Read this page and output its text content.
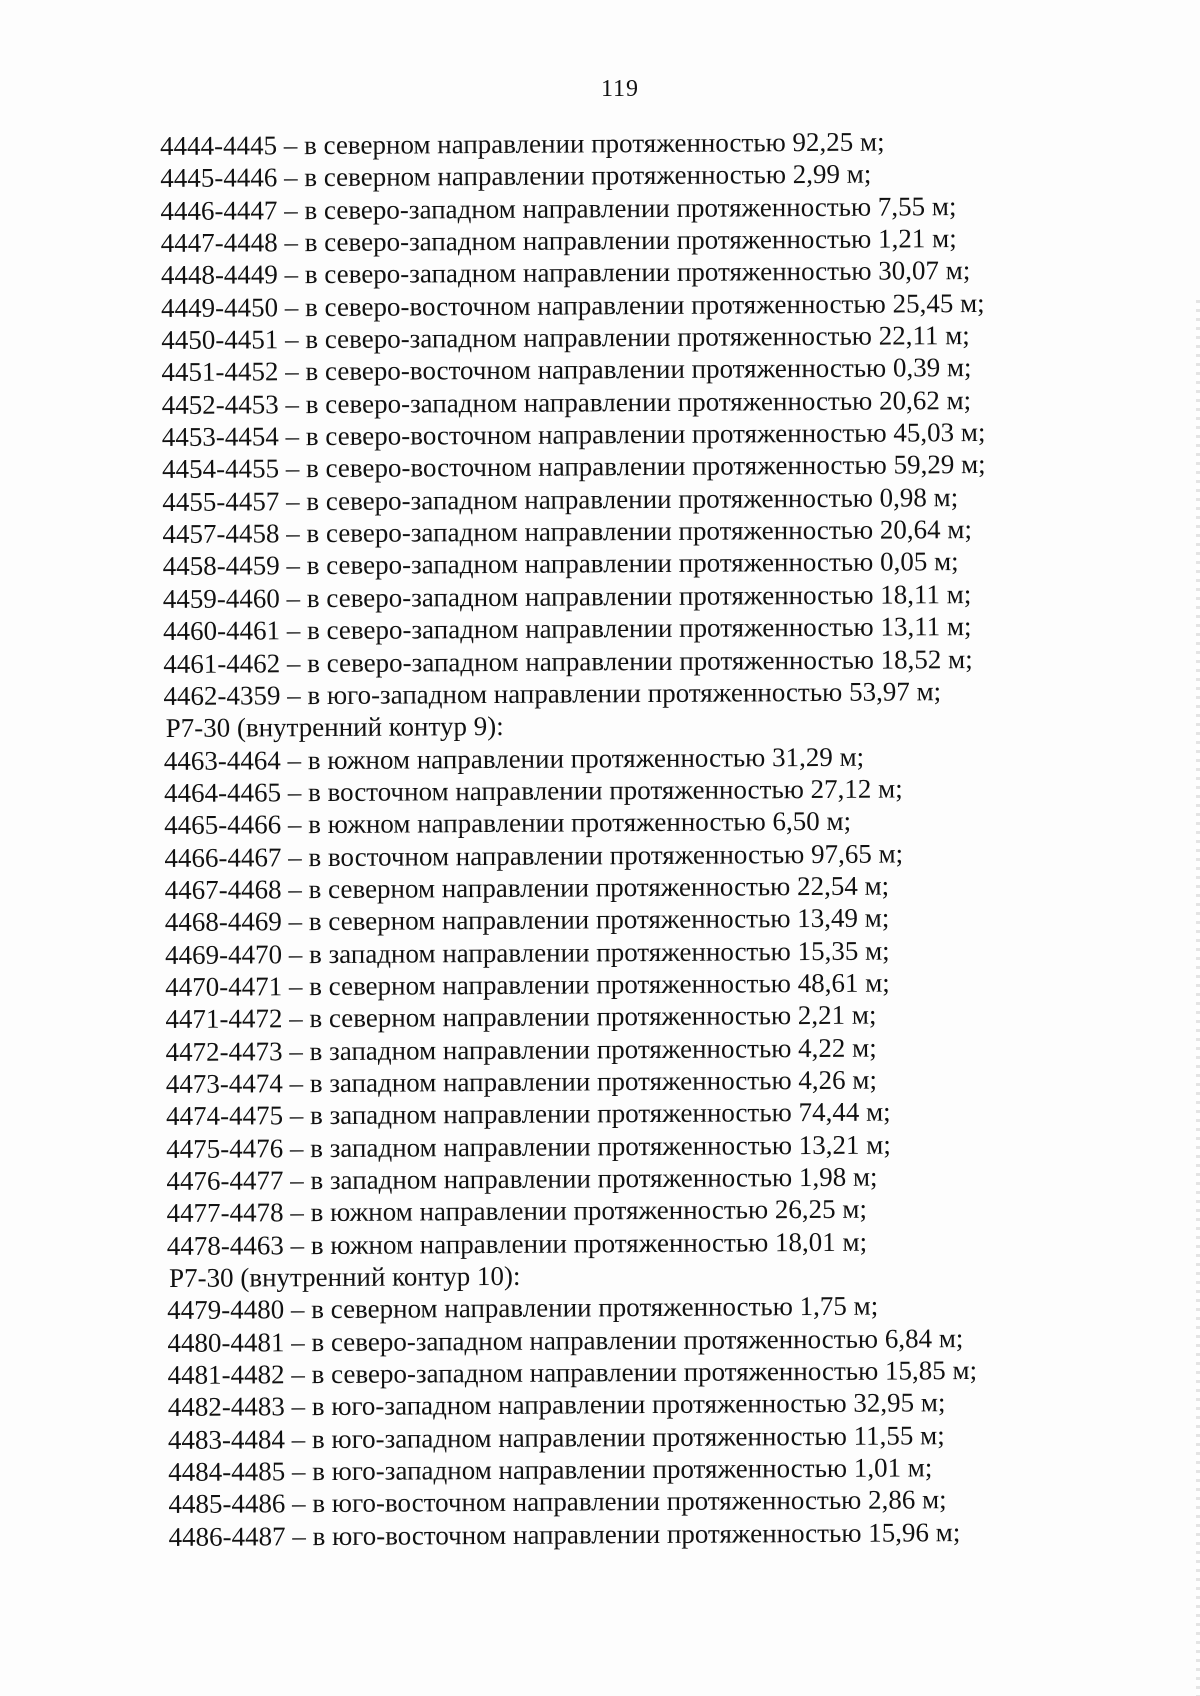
119
4444-4445 – в северном направлении протяженностью 92,25 м;
4445-4446 – в северном направлении протяженностью 2,99 м;
4446-4447 – в северо-западном направлении протяженностью 7,55 м;
4447-4448 – в северо-западном направлении протяженностью 1,21 м;
4448-4449 – в северо-западном направлении протяженностью 30,07 м;
4449-4450 – в северо-восточном направлении протяженностью 25,45 м;
4450-4451 – в северо-западном направлении протяженностью 22,11 м;
4451-4452 – в северо-восточном направлении протяженностью 0,39 м;
4452-4453 – в северо-западном направлении протяженностью 20,62 м;
4453-4454 – в северо-восточном направлении протяженностью 45,03 м;
4454-4455 – в северо-восточном направлении протяженностью 59,29 м;
4455-4457 – в северо-западном направлении протяженностью 0,98 м;
4457-4458 – в северо-западном направлении протяженностью 20,64 м;
4458-4459 – в северо-западном направлении протяженностью 0,05 м;
4459-4460 – в северо-западном направлении протяженностью 18,11 м;
4460-4461 – в северо-западном направлении протяженностью 13,11 м;
4461-4462 – в северо-западном направлении протяженностью 18,52 м;
4462-4359 – в юго-западном направлении протяженностью 53,97 м;
Р7-30 (внутренний контур 9):
4463-4464 – в южном направлении протяженностью 31,29 м;
4464-4465 – в восточном направлении протяженностью 27,12 м;
4465-4466 – в южном направлении протяженностью 6,50 м;
4466-4467 – в восточном направлении протяженностью 97,65 м;
4467-4468 – в северном направлении протяженностью 22,54 м;
4468-4469 – в северном направлении протяженностью 13,49 м;
4469-4470 – в западном направлении протяженностью 15,35 м;
4470-4471 – в северном направлении протяженностью 48,61 м;
4471-4472 – в северном направлении протяженностью 2,21 м;
4472-4473 – в западном направлении протяженностью 4,22 м;
4473-4474 – в западном направлении протяженностью 4,26 м;
4474-4475 – в западном направлении протяженностью 74,44 м;
4475-4476 – в западном направлении протяженностью 13,21 м;
4476-4477 – в западном направлении протяженностью 1,98 м;
4477-4478 – в южном направлении протяженностью 26,25 м;
4478-4463 – в южном направлении протяженностью 18,01 м;
Р7-30 (внутренний контур 10):
4479-4480 – в северном направлении протяженностью 1,75 м;
4480-4481 – в северо-западном направлении протяженностью 6,84 м;
4481-4482 – в северо-западном направлении протяженностью 15,85 м;
4482-4483 – в юго-западном направлении протяженностью 32,95 м;
4483-4484 – в юго-западном направлении протяженностью 11,55 м;
4484-4485 – в юго-западном направлении протяженностью 1,01 м;
4485-4486 – в юго-восточном направлении протяженностью 2,86 м;
4486-4487 – в юго-восточном направлении протяженностью 15,96 м;
